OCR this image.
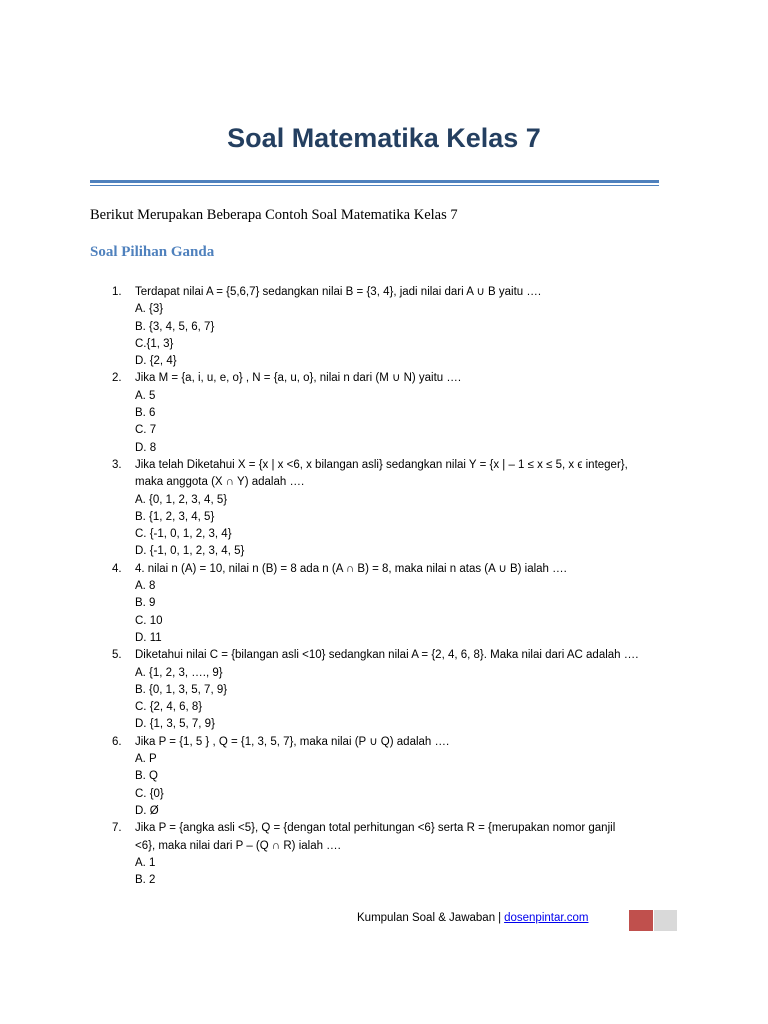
Soal Matematika Kelas 7

Berikut Merupakan Beberapa Contoh Soal Matematika Kelas 7

Soal Pilihan Ganda
1.	Terdapat nilai A = {5,6,7} sedangkan nilai B = {3, 4}, jadi nilai dari A ∪ B yaitu ….
A. {3}
B. {3, 4, 5, 6, 7}
C.{1, 3}
D. {2, 4}
2.	Jika M = {a, i, u, e, o} , N = {a, u, o}, nilai n dari (M ∪ N) yaitu ….
A. 5
B. 6
C. 7
D. 8
3.	Jika telah Diketahui X = {x | x <6, x bilangan asli} sedangkan nilai Y = {x | – 1 ≤ x ≤ 5, x ϵ integer},
maka anggota (X ∩ Y) adalah ….
A. {0, 1, 2, 3, 4, 5}
B. {1, 2, 3, 4, 5}
C. {-1, 0, 1, 2, 3, 4}
D. {-1, 0, 1, 2, 3, 4, 5}
4.	4. nilai n (A) = 10, nilai n (B) = 8 ada n (A ∩ B) = 8, maka nilai n atas (A ∪ B) ialah ….
A. 8
B. 9
C. 10
D. 11
5.	Diketahui nilai C = {bilangan asli <10} sedangkan nilai A = {2, 4, 6, 8}. Maka nilai dari AC adalah ….
A. {1, 2, 3, …., 9}
B. {0, 1, 3, 5, 7, 9}
C. {2, 4, 6, 8}
D. {1, 3, 5, 7, 9}
6.	Jika P = {1, 5 } , Q = {1, 3, 5, 7}, maka nilai (P ∪ Q) adalah ….
A. P
B. Q
C. {0}
D. Ø
7.	Jika P = {angka asli <5}, Q = {dengan total perhitungan <6} serta R = {merupakan nomor ganjil
<6}, maka nilai dari P – (Q ∩ R) ialah ….
A. 1
B. 2

Kumpulan Soal & Jawaban | dosenpintar.com
